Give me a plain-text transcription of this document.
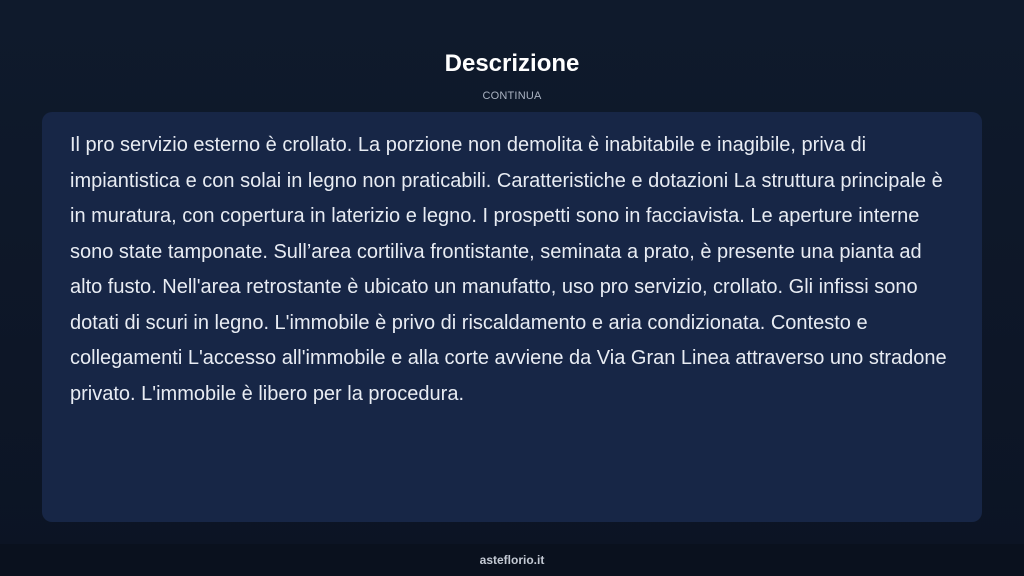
Descrizione
CONTINUA

Il pro servizio esterno è crollato. La porzione non demolita è inabitabile e inagibile, priva di impiantistica e con solai in legno non praticabili. Caratteristiche e dotazioni La struttura principale è in muratura, con copertura in laterizio e legno. I prospetti sono in facciavista. Le aperture interne sono state tamponate. Sull’area cortiliva frontistante, seminata a prato, è presente una pianta ad alto fusto. Nell'area retrostante è ubicato un manufatto, uso pro servizio, crollato. Gli infissi sono dotati di scuri in legno. L'immobile è privo di riscaldamento e aria condizionata. Contesto e collegamenti L'accesso all'immobile e alla corte avviene da Via Gran Linea attraverso uno stradone privato. L'immobile è libero per la procedura.

asteflorio.it
